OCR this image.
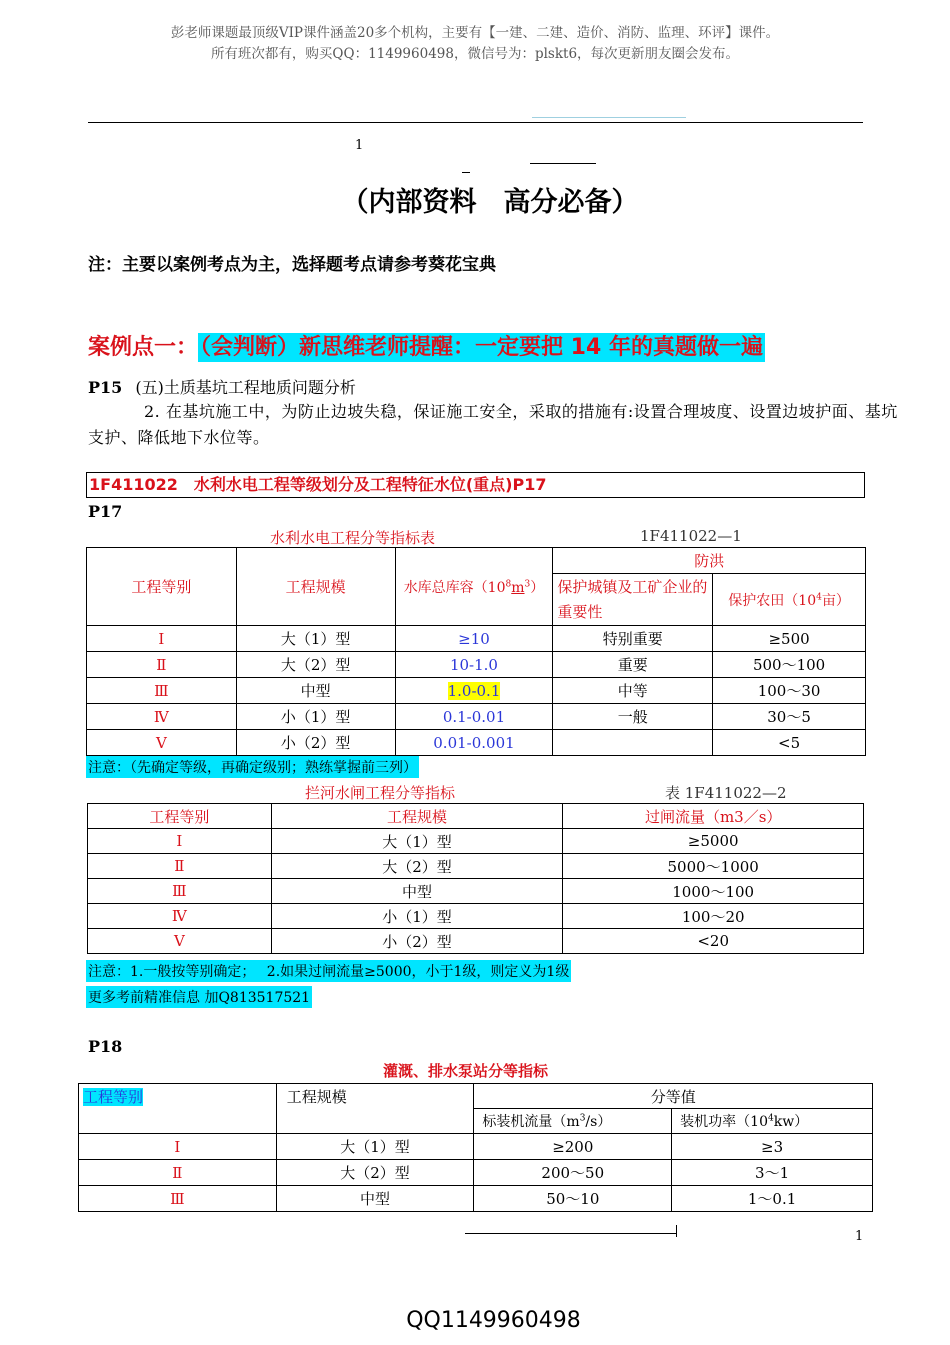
彭老师课题最顶级VIP课件涵盖20多个机构，主要有【一建、二建、造价、消防、监理、环评】课件。
所有班次都有，购买QQ：1149960498，微信号为：plskt6，每次更新朋友圈会发布。
1
（内部资料　高分必备）
注：主要以案例考点为主，选择题考点请参考葵花宝典
案例点一：（会判断）新思维老师提醒：一定要把 14 年的真题做一遍
P15 (五)土质基坑工程地质问题分析
2. 在基坑施工中，为防止边坡失稳，保证施工安全，采取的措施有:设置合理坡度、设置边坡护面、基坑支护、降低地下水位等。
1F411022　水利水电工程等级划分及工程特征水位(重点)P17
P17
水利水电工程分等指标表	1F411022—1
工程等别	工程规模	水库总库容$(10^8m^3)$	防洪	
			保护城镇及工矿企业的重要性	保护农田（$10^4$亩）
Ⅰ	大（1）型	≥10	特别重要	≥500
Ⅱ	大（2）型	10-1.0	重要	500～100
Ⅲ	中型	1.0-0.1	中等	100～30
Ⅳ	小（1）型	0.1-0.01	一般	30～5
Ⅴ	小（2）型	0.01-0.001		<5
注意：（先确定等级，再确定级别；熟练掌握前三列）
拦河水闸工程分等指标	表 1F411022—2
工程等别	工程规模	过闸流量（m3／s）
Ⅰ	大（1）型	≥5000
Ⅱ	大（2）型	5000～1000
Ⅲ	中型	1000～100
Ⅳ	小（1）型	100～20
Ⅴ	小（2）型	<20
注意：1.一般按等别确定；　 2.如果过闸流量≥5000，小于1级，则定义为1级
更多考前精准信息 加Q813517521
P18
灌溉、排水泵站分等指标
工程等别	工程规模	分等值	
		标装机流量$(m^3/s)$	装机功率$(10^4kw)$
Ⅰ	大（1）型	≥200	≥3
Ⅱ	大（2）型	200～50	3～1
Ⅲ	中型	50～10	1～0.1
1
QQ1149960498
